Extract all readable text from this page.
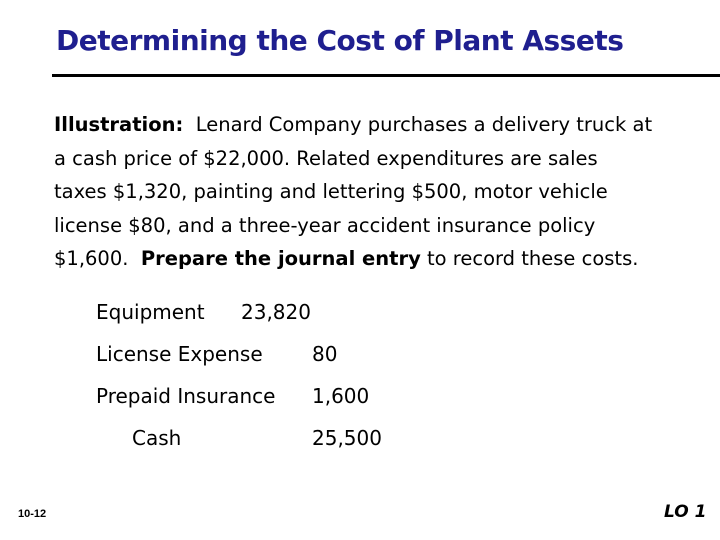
Determining the Cost of Plant Assets
Illustration: Lenard Company purchases a delivery truck at
a cash price of $22,000. Related expenditures are sales
taxes $1,320, painting and lettering $500, motor vehicle
license $80, and a three-year accident insurance policy
$1,600. Prepare the journal entry to record these costs.
Equipment 23,820
License Expense 80
Prepaid Insurance 1,600
Cash	25,500
10-12	LO 1
